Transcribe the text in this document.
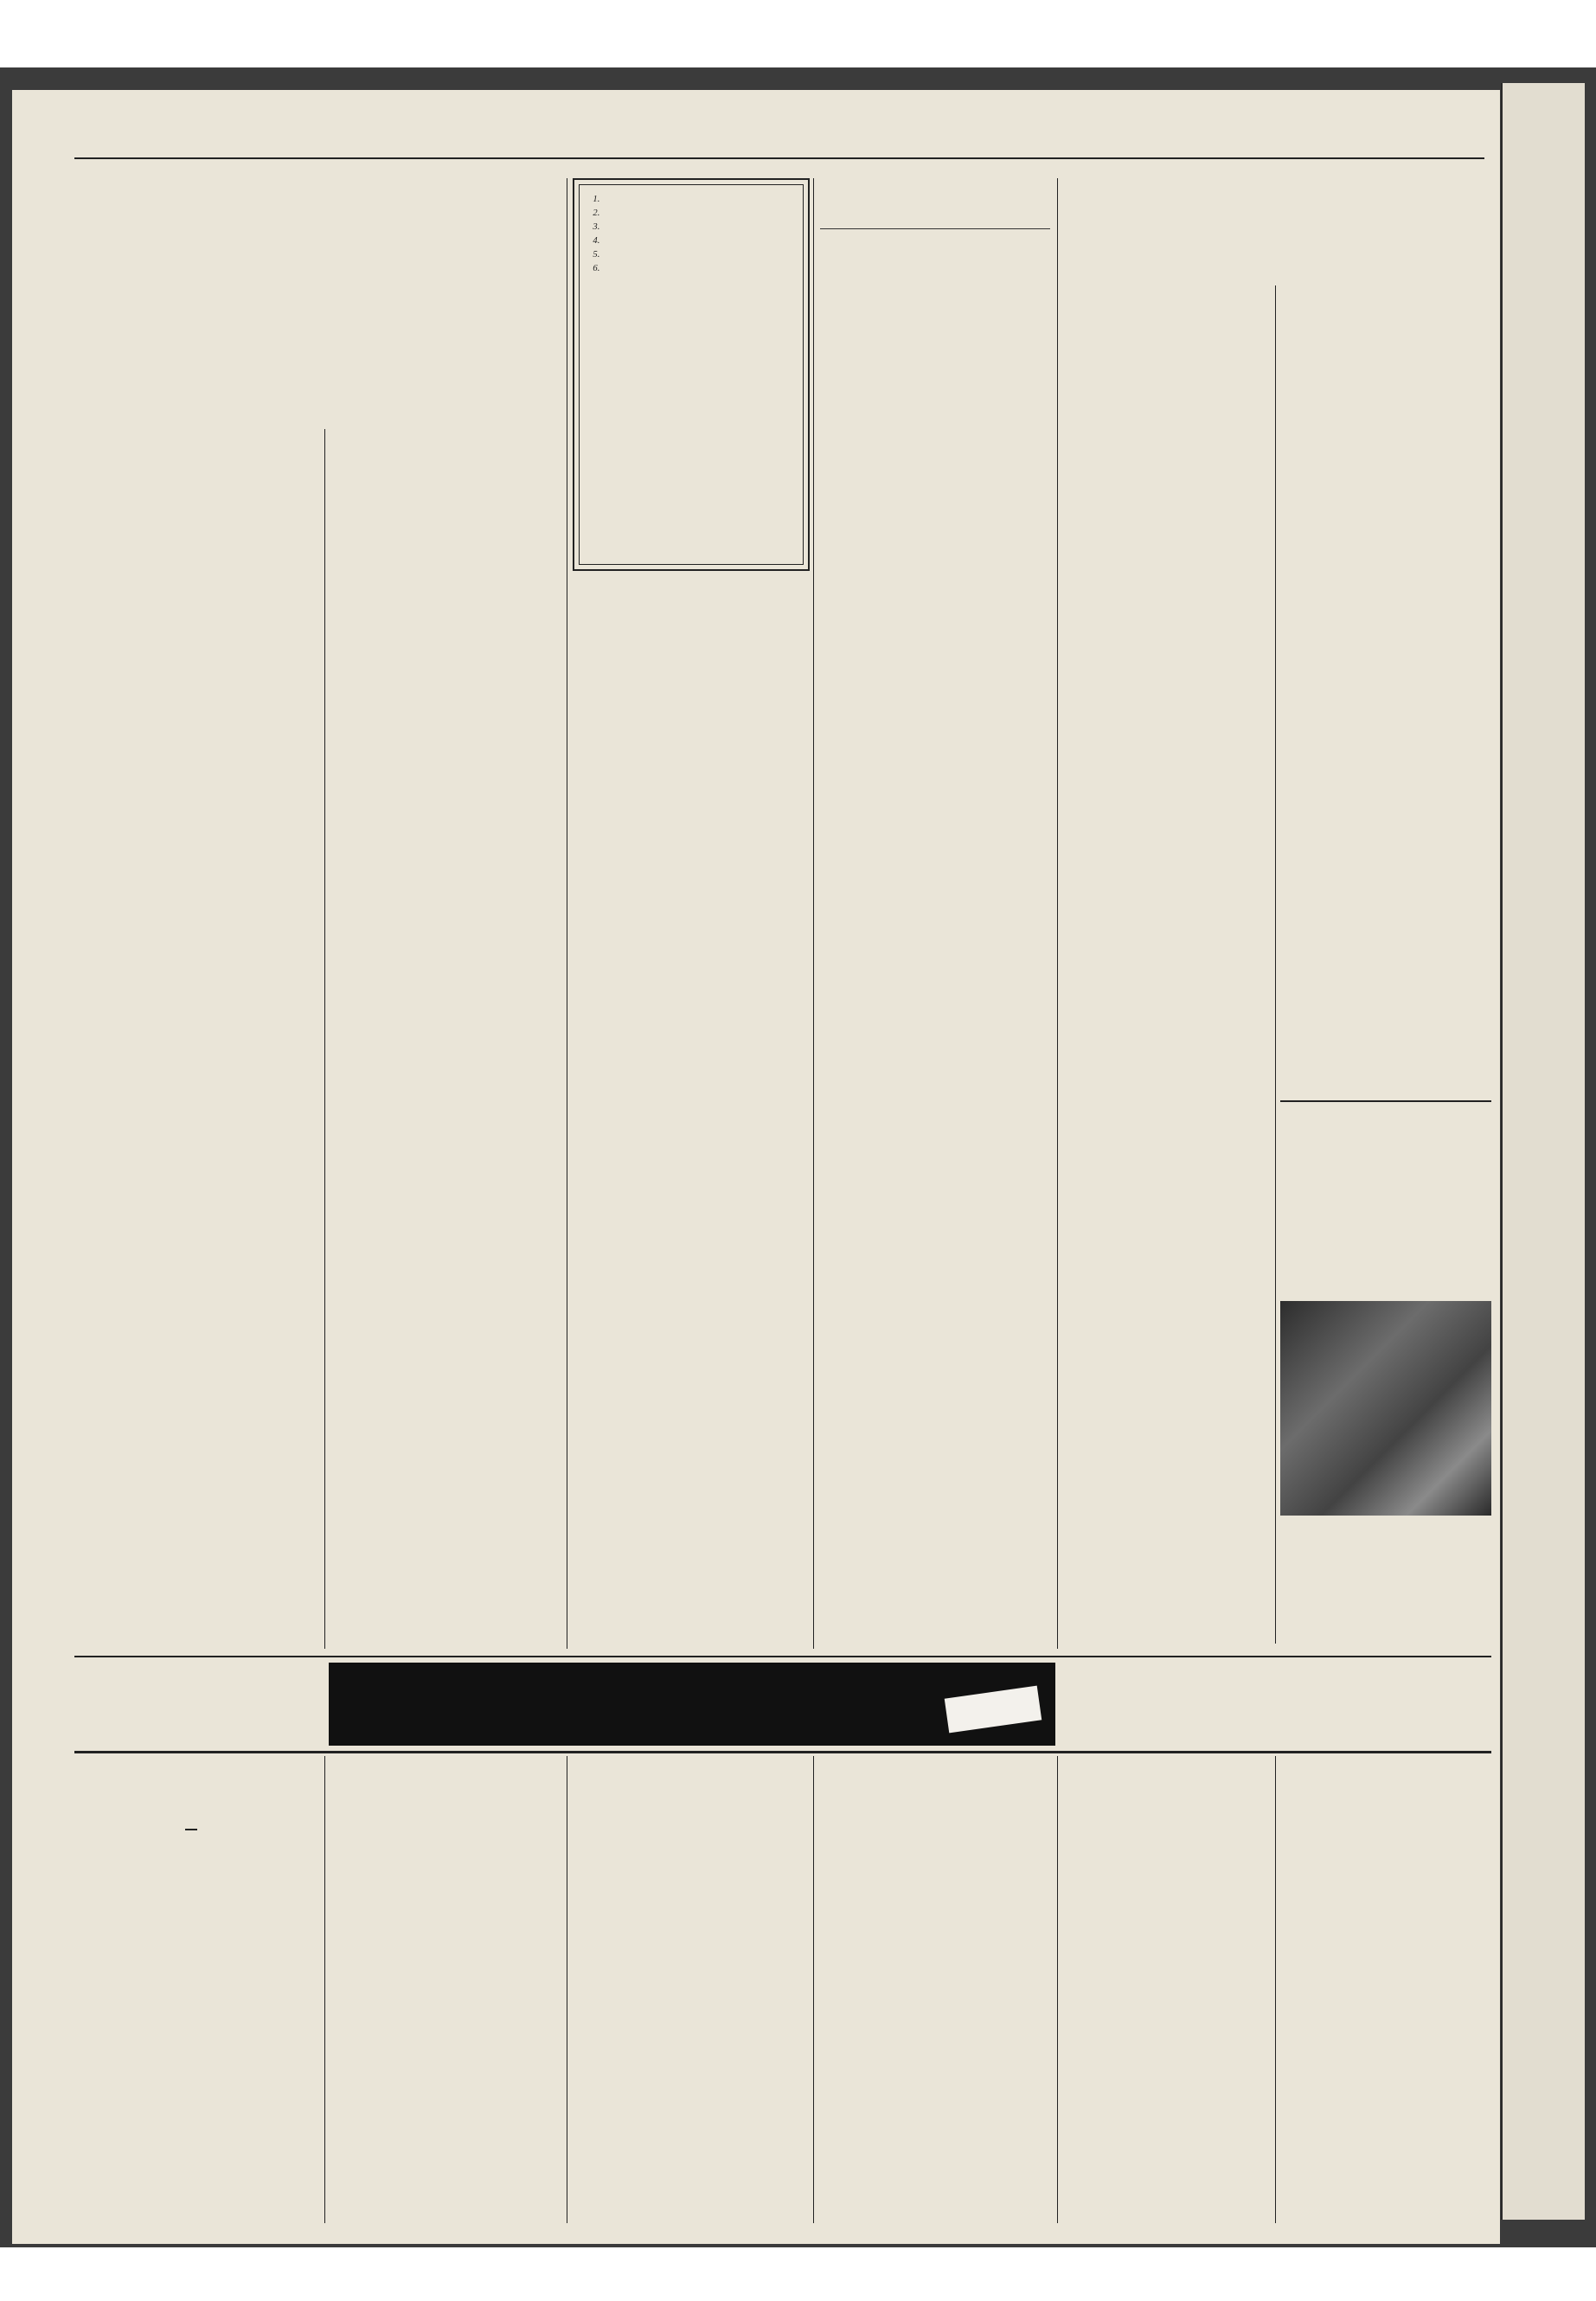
1.
2.
3.
4.
5.
6.
